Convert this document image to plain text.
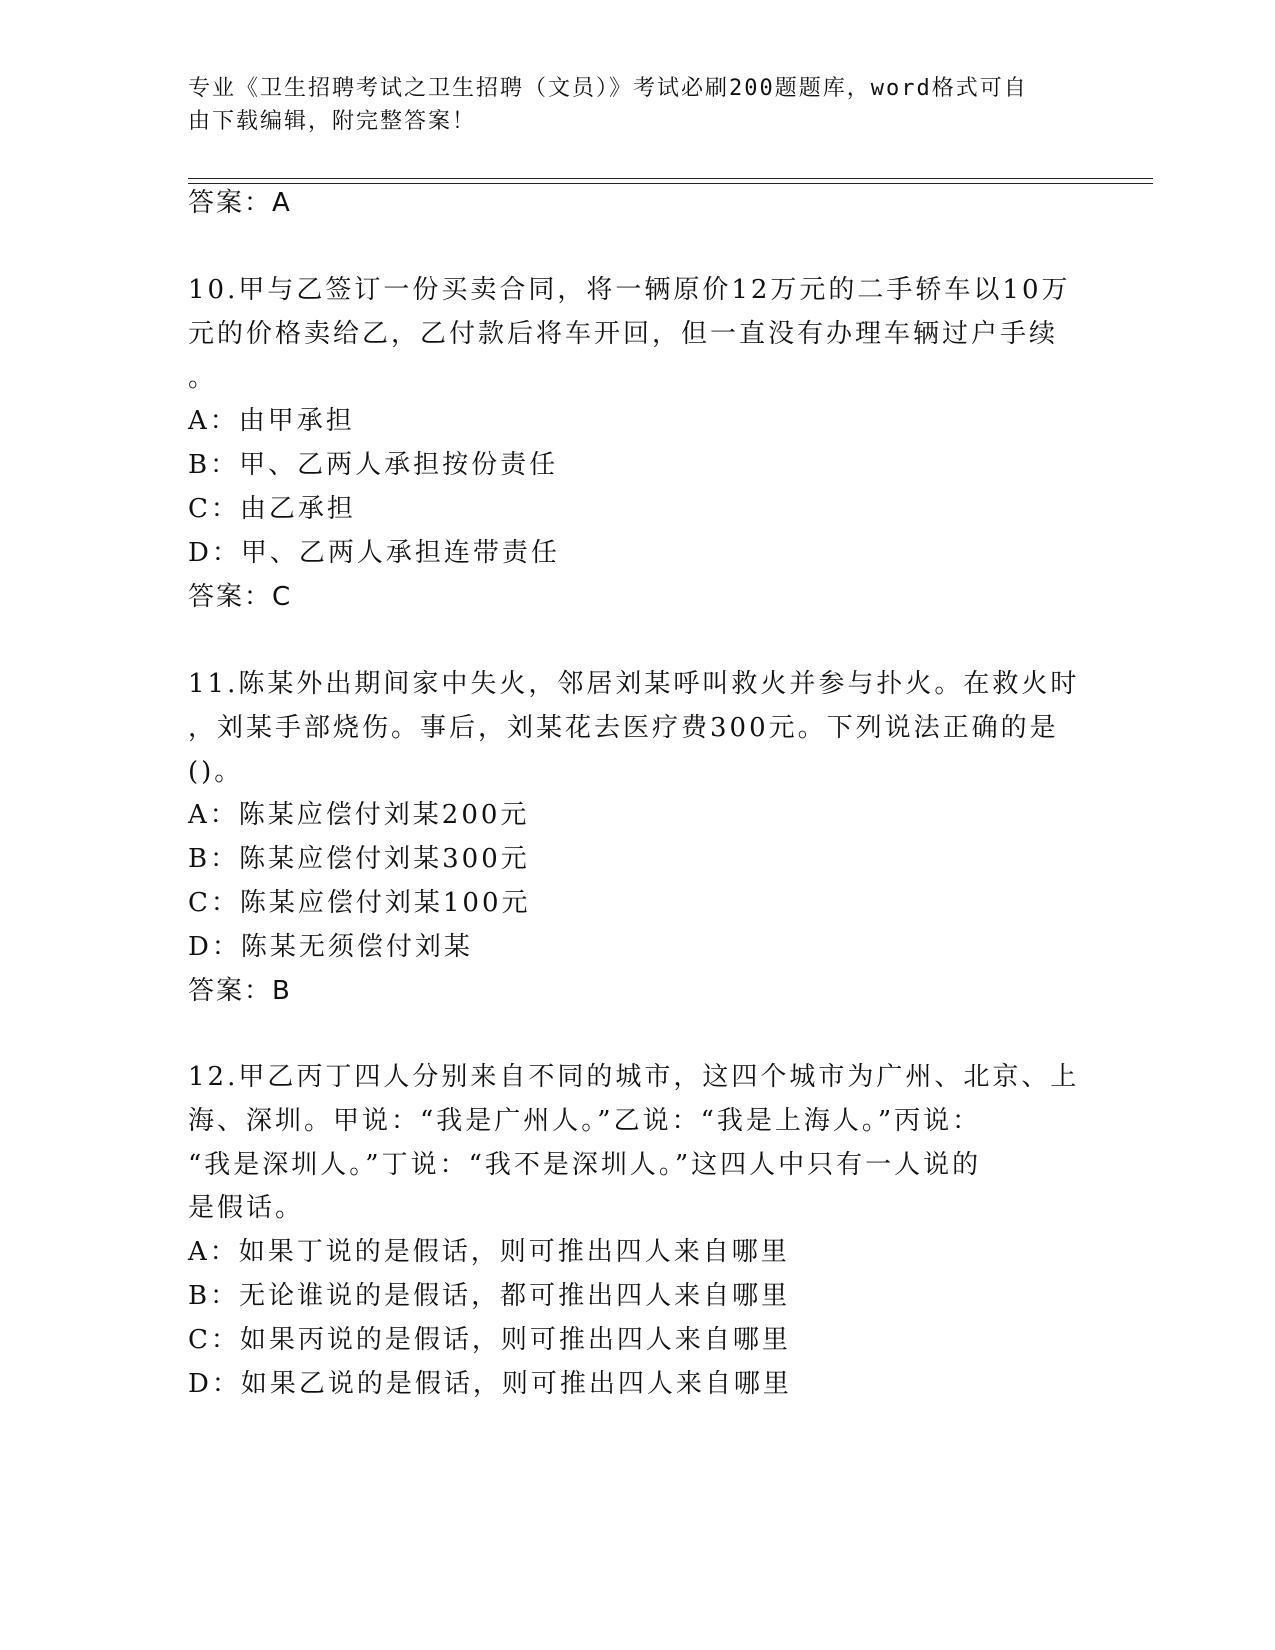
专业《卫生招聘考试之卫生招聘（文员）》考试必刷200题题库，word格式可自
由下载编辑，附完整答案！
答案：A
10.甲与乙签订一份买卖合同，将一辆原价12万元的二手轿车以10万
元的价格卖给乙，乙付款后将车开回，但一直没有办理车辆过户手续
。
A：由甲承担
B：甲、乙两人承担按份责任
C：由乙承担
D：甲、乙两人承担连带责任
答案：C
11.陈某外出期间家中失火，邻居刘某呼叫救火并参与扑火。在救火时
，刘某手部烧伤。事后，刘某花去医疗费300元。下列说法正确的是
()。
A：陈某应偿付刘某200元
B：陈某应偿付刘某300元
C：陈某应偿付刘某100元
D：陈某无须偿付刘某
答案：B
12.甲乙丙丁四人分别来自不同的城市，这四个城市为广州、北京、上
海、深圳。甲说：“我是广州人。”乙说：“我是上海人。”丙说：
“我是深圳人。”丁说：“我不是深圳人。”这四人中只有一人说的
是假话。
A：如果丁说的是假话，则可推出四人来自哪里
B：无论谁说的是假话，都可推出四人来自哪里
C：如果丙说的是假话，则可推出四人来自哪里
D：如果乙说的是假话，则可推出四人来自哪里
